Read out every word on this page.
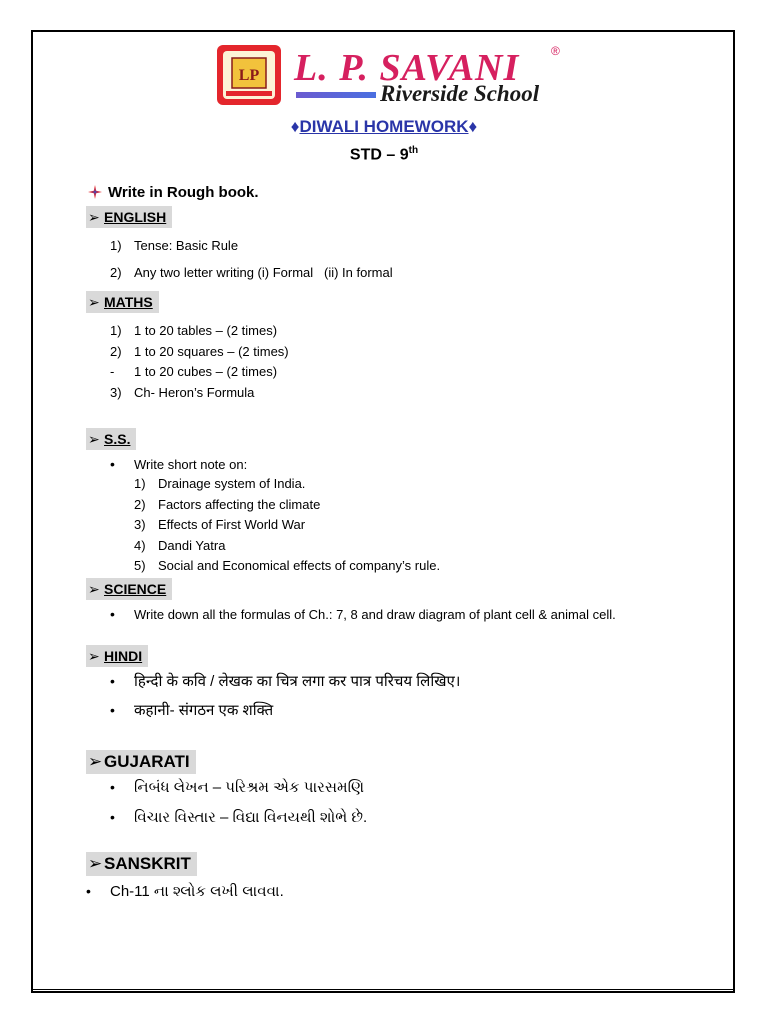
LP L. P. SAVANI	®
Riverside School
♦DIWALI HOMEWORK♦
STD – 9th
Write in Rough book.
➢ ENGLISH
1) Tense: Basic Rule
2) Any two letter writing (i) Formal   (ii) In formal
➢ MATHS
1) 1 to 20 tables – (2 times)
2) 1 to 20 squares – (2 times)
- 1 to 20 cubes – (2 times)
3) Ch- Heron’s Formula
➢ S.S.
• Write short note on:
1) Drainage system of India.
2) Factors affecting the climate
3) Effects of First World War
4) Dandi Yatra
5) Social and Economical effects of company’s rule.
➢ SCIENCE
• Write down all the formulas of Ch.: 7, 8 and draw diagram of plant cell & animal cell.
➢ HINDI
• हिन्दी के कवि / लेखक का चित्र लगा कर पात्र परिचय लिखिए।
• कहानी- संगठन एक शक्ति
➢ GUJARATI
• નિબંધ લેખન – પરિશ્રમ એક પારસમણિ
• વિચાર વિસ્તાર – વિદ્યા વિનયથી શોભે છે.
➢ SANSKRIT
• Ch-11 ના શ્લોક લખી લાવવા.
